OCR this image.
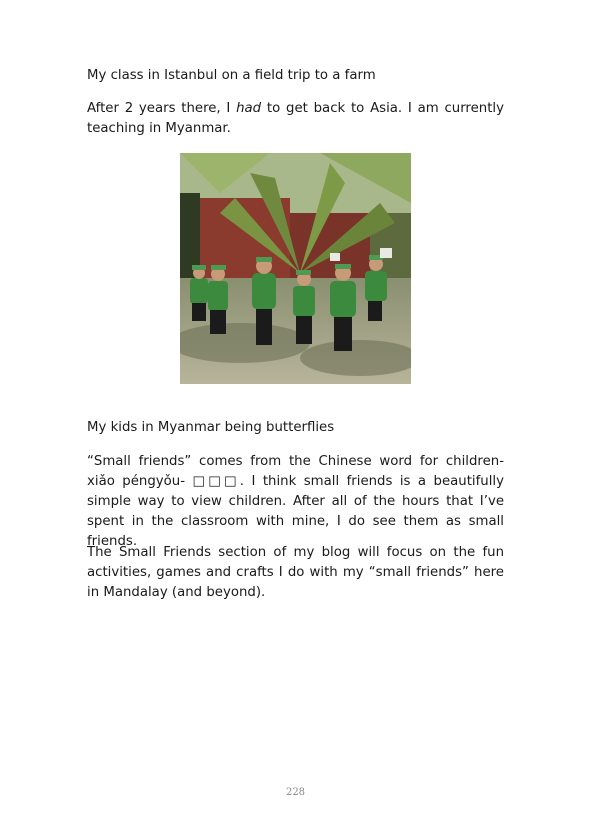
My class in Istanbul on a field trip to a farm
After 2 years there, I had to get back to Asia. I am currently teaching in Myanmar.
My kids in Myanmar being butterflies
“Small friends” comes from the Chinese word for children- xiǎo péngyǒu- □□□. I think small friends is a beautifully simple way to view children. After all of the hours that I’ve spent in the classroom with mine, I do see them as small friends.
The Small Friends section of my blog will focus on the fun activities, games and crafts I do with my “small friends” here in Mandalay (and beyond).
228
